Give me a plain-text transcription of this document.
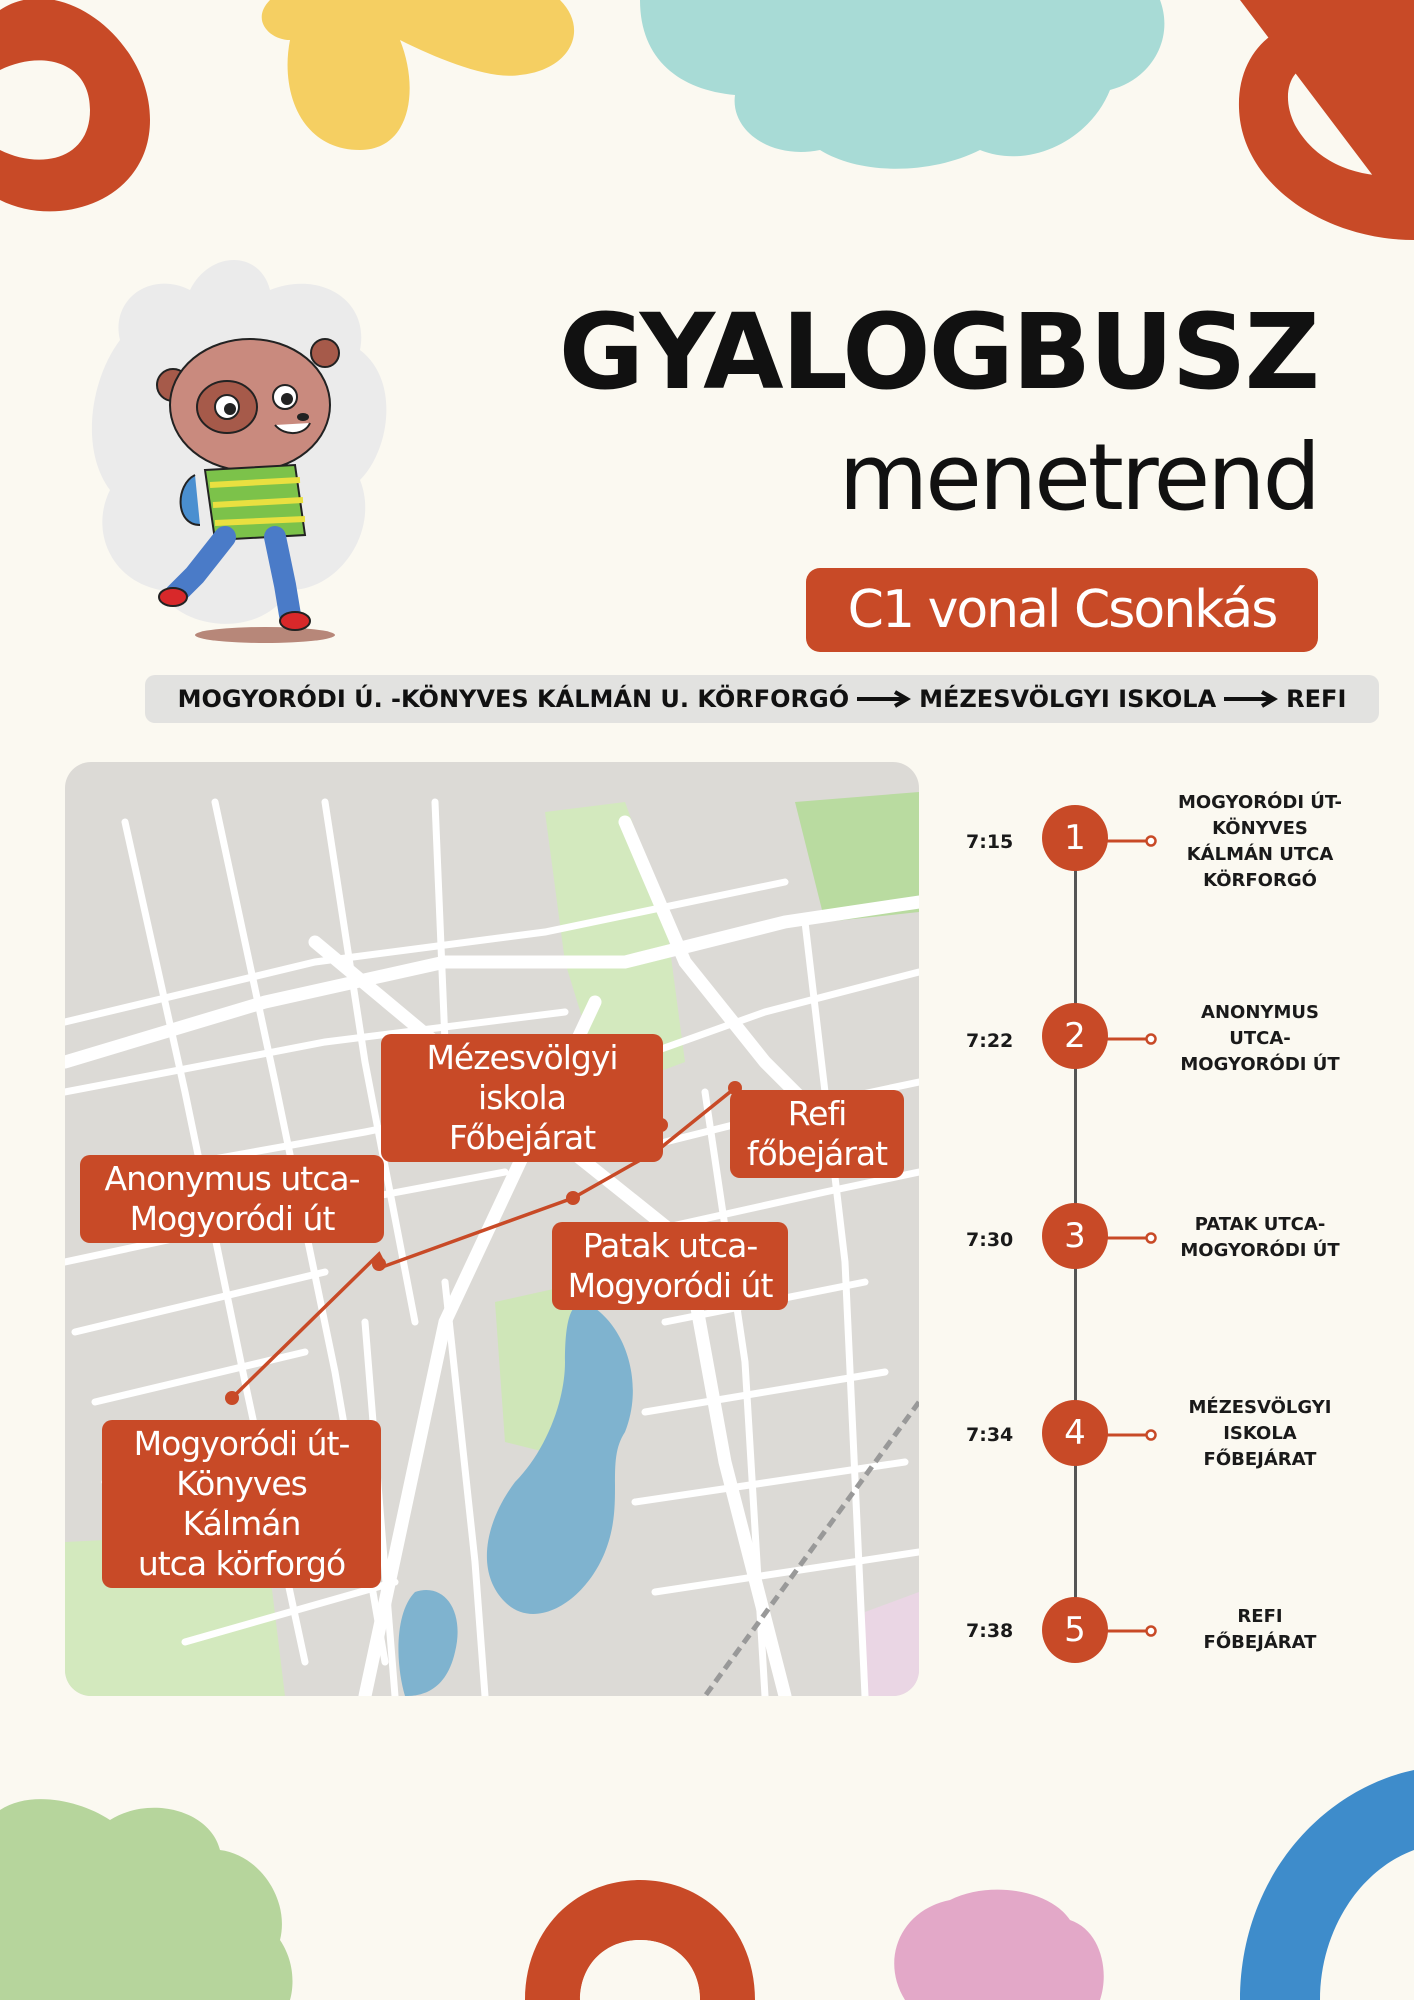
GYALOGBUSZ
menetrend
C1 vonal Csonkás
MOGYORÓDI Ú. -KÖNYVES KÁLMÁN U. KÖRFORGÓ	MÉZESVÖLGYI ISKOLA	REFI
Mézesvölgyi iskola
Főbejárat
Refi
főbejárat
Anonymus utca-
Mogyoródi út
Patak utca-
Mogyoródi út
Mogyoródi út-
Könyves Kálmán
utca körforgó
7:15	1
MOGYORÓDI ÚT-
KÖNYVES
KÁLMÁN UTCA
KÖRFORGÓ
7:22	2
ANONYMUS
UTCA-
MOGYORÓDI ÚT
7:30	3	PATAK UTCA-
MOGYORÓDI ÚT
7:34	4
MÉZESVÖLGYI
ISKOLA
FŐBEJÁRAT
7:38	5	REFI
FŐBEJÁRAT
